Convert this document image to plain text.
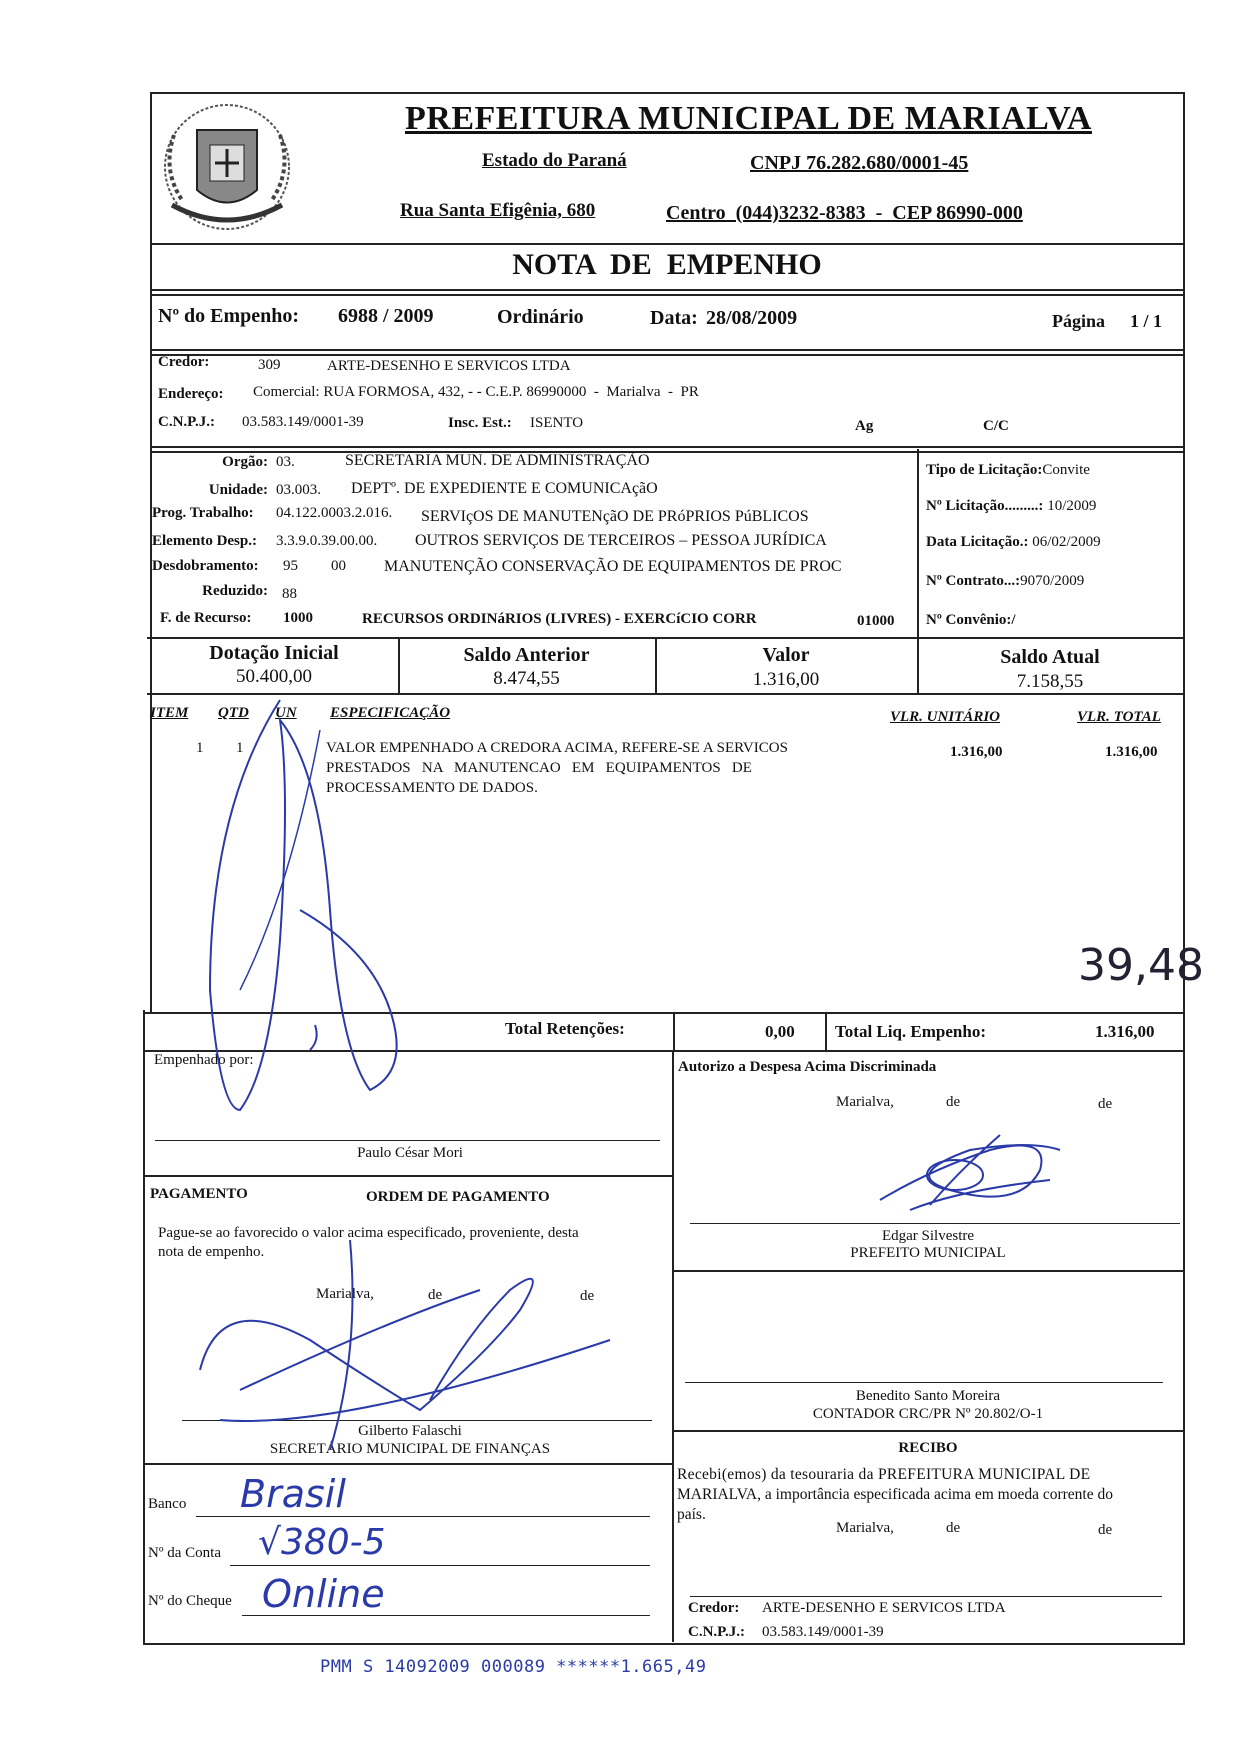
PREFEITURA MUNICIPAL DE MARIALVA
Estado do Paraná	CNPJ 76.282.680/0001-45
Rua Santa Efigênia, 680	Centro  (044)3232-8383  -  CEP 86990-000
NOTA  DE  EMPENHO
Nº do Empenho: 6988 / 2009	Ordinário	Data: 28/08/2009	Página 1 / 1
Credor:	309	ARTE-DESENHO E SERVICOS LTDA
Endereço: Comercial: RUA FORMOSA, 432, - - C.E.P. 86990000  -  Marialva  -  PR
C.N.P.J.: 03.583.149/0001-39	Insc. Est.: ISENTO	Ag	C/C
Orgão: 03.	SECRETARIA MUN. DE ADMINISTRAÇÃO
Unidade: 03.003. DEPTº. DE EXPEDIENTE E COMUNICAçãO
Prog. Trabalho: 04.122.0003.2.016. SERVIçOS DE MANUTENçãO DE PRóPRIOS PúBLICOS
Elemento Desp.: 3.3.9.0.39.00.00. OUTROS SERVIÇOS DE TERCEIROS – PESSOA JURÍDICA
Desdobramento: 95 00 MANUTENÇÃO CONSERVAÇÃO DE EQUIPAMENTOS DE PROC
Reduzido: 88
F. de Recurso: 1000	RECURSOS ORDINáRIOS (LIVRES) - EXERCíCIO CORR	01000
Tipo de Licitação:Convite
Nº Licitação.........: 10/2009
Data Licitação.: 06/02/2009
Nº Contrato...:9070/2009
Nº Convênio:/
Dotação Inicial
50.400,00
Saldo Anterior
8.474,55
Valor
1.316,00
Saldo Atual
7.158,55
ITEM QTD UN ESPECIFICAÇÃO	VLR. UNITÁRIO	VLR. TOTAL
1 1	VALOR EMPENHADO A CREDORA ACIMA, REFERE-SE A SERVICOS
PRESTADOS   NA   MANUTENCAO   EM   EQUIPAMENTOS   DE
PROCESSAMENTO DE DADOS.
1.316,00	1.316,00
39,48
Total Retenções:	0,00 Total Liq. Empenho:	1.316,00
Empenhado por:
Paulo César Mori
Autorizo a Despesa Acima Discriminada
Marialva,	de	de
Edgar Silvestre
PREFEITO MUNICIPAL
PAGAMENTO	ORDEM DE PAGAMENTO
Pague-se ao favorecido o valor acima especificado, proveniente, desta
nota de empenho.
Marialva,	de	de
Gilberto Falaschi
SECRETÁRIO MUNICIPAL DE FINANÇAS
Benedito Santo Moreira
CONTADOR CRC/PR Nº 20.802/O-1
RECIBO
Recebi(emos) da tesouraria da PREFEITURA MUNICIPAL DE
MARIALVA, a importância especificada acima em moeda corrente do
país.
Marialva,	de	de
Credor: ARTE-DESENHO E SERVICOS LTDA
C.N.P.J.: 03.583.149/0001-39
Banco Brasil
Nº da Conta √380-5
Nº do Cheque Online
PMM S 14092009 000089 ******1.665,49
